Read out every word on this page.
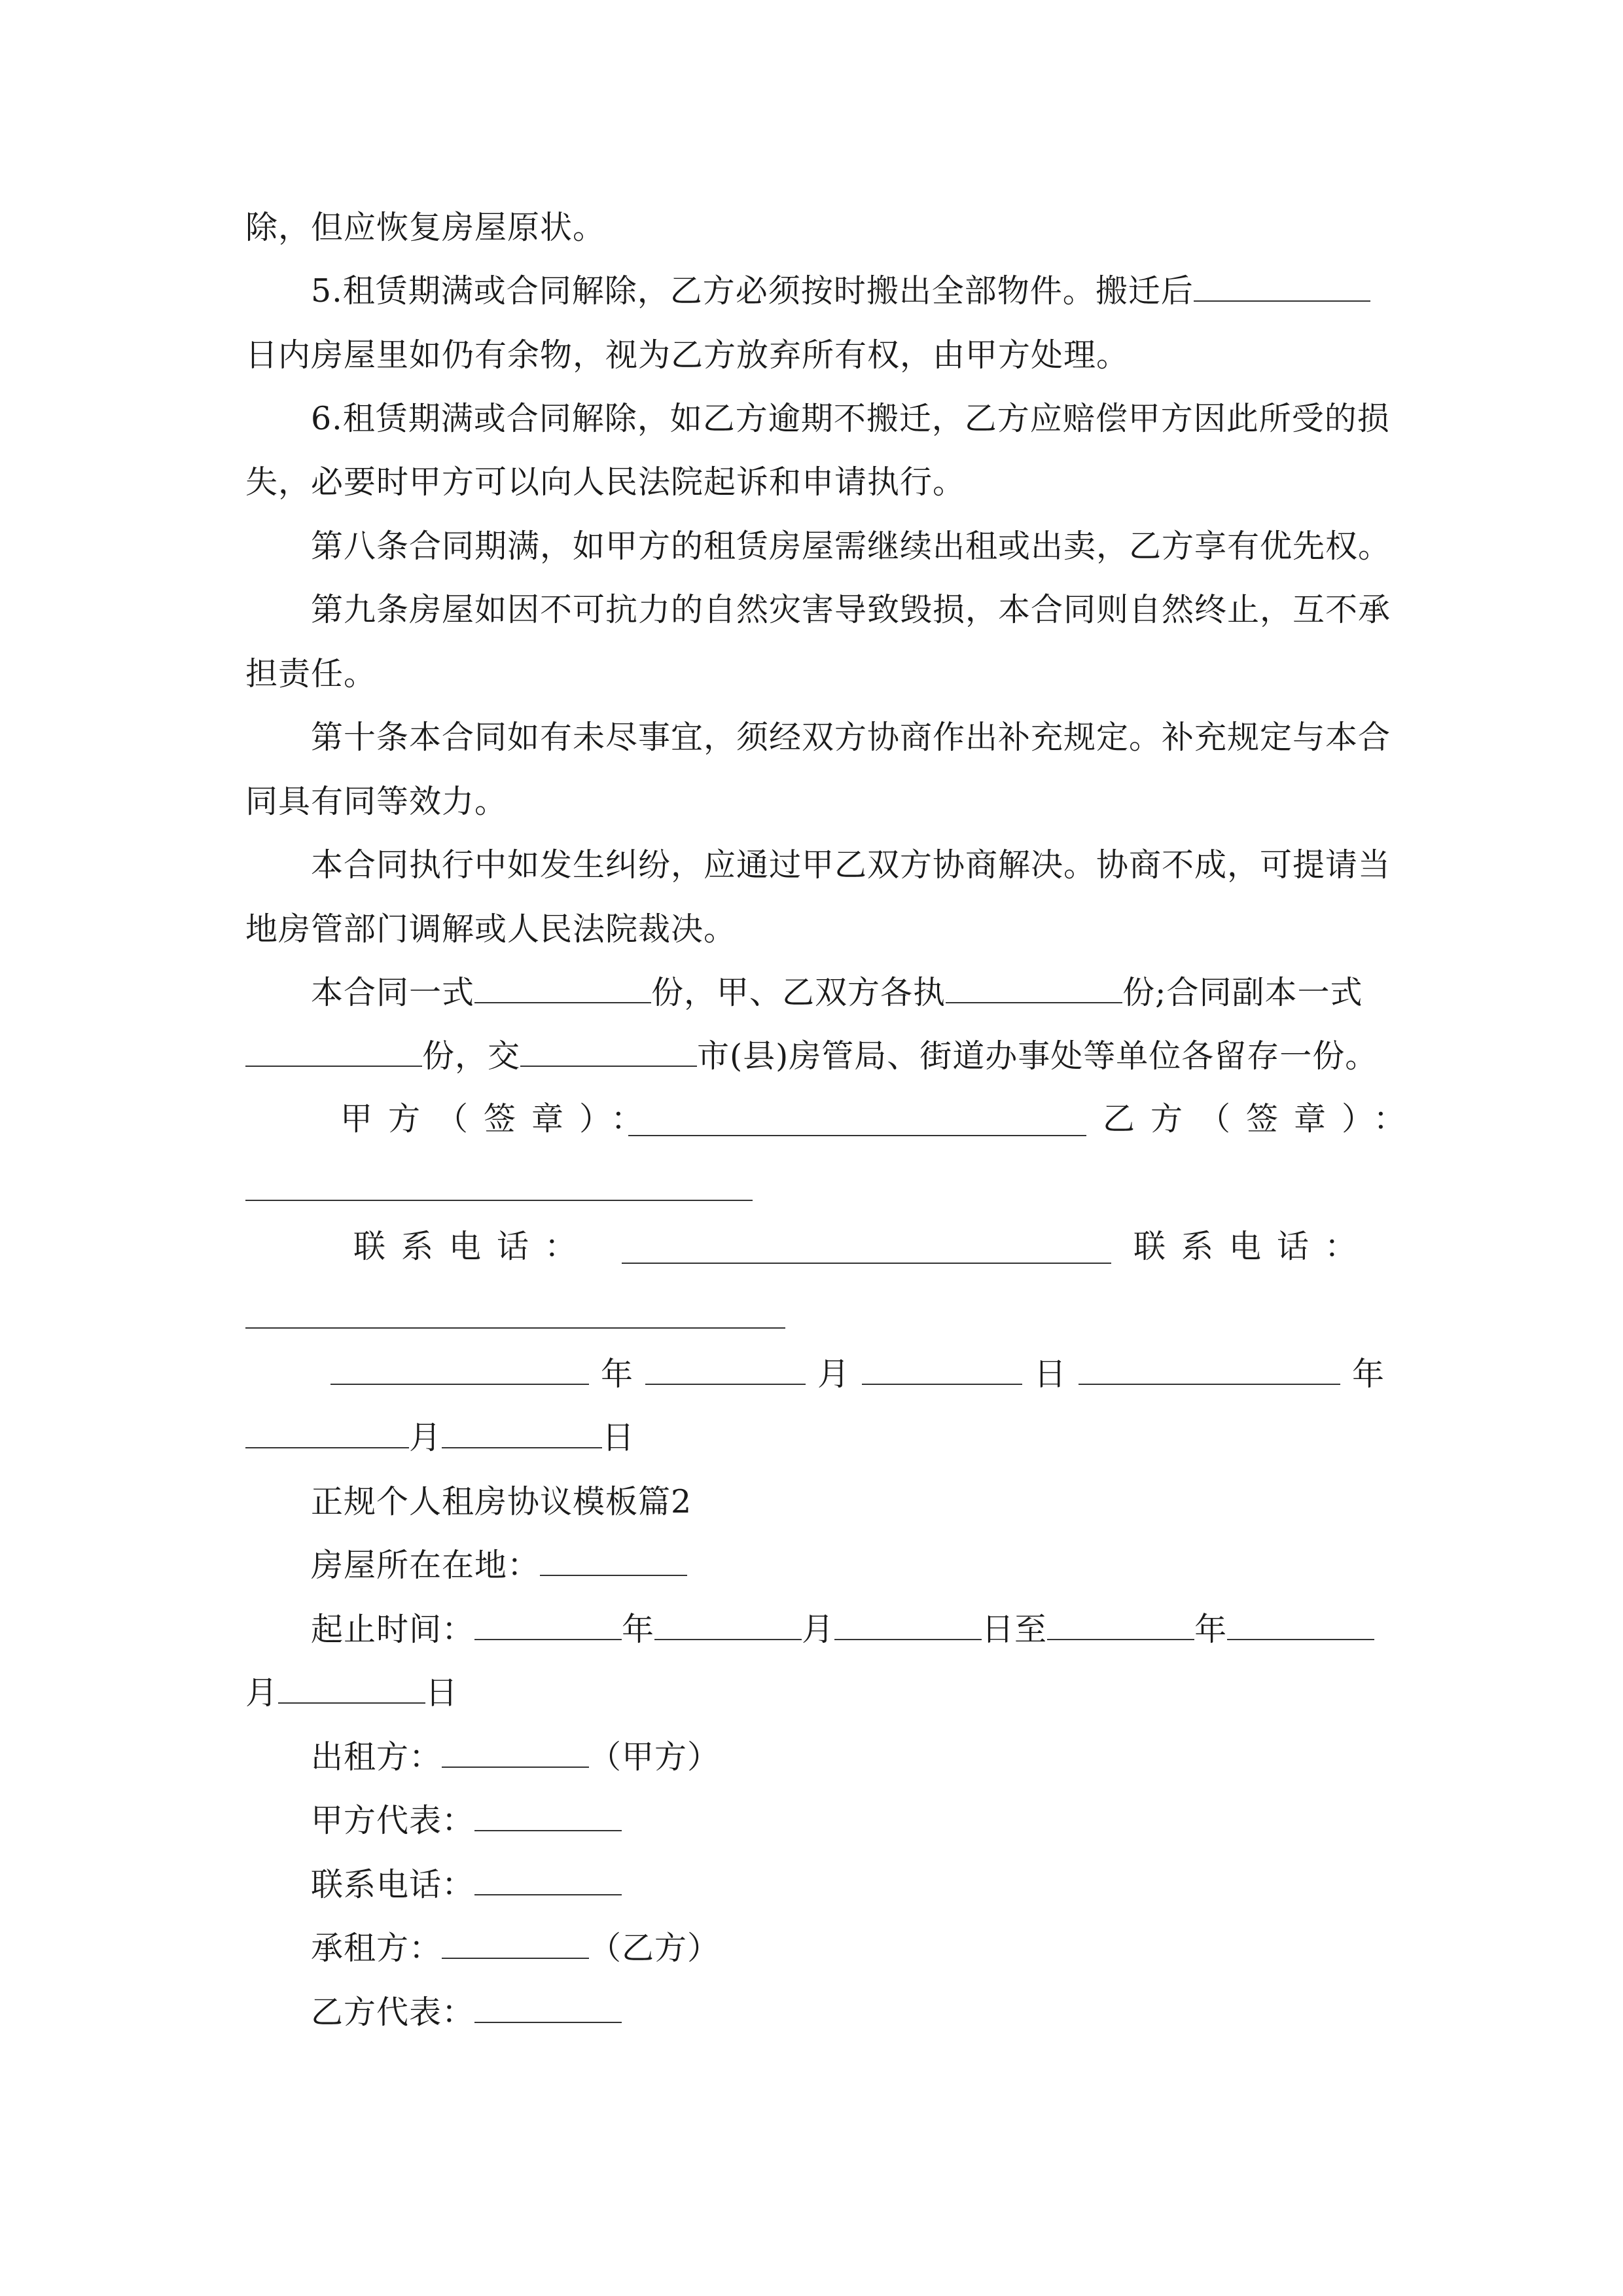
除，但应恢复房屋原状。
5.租赁期满或合同解除，乙方必须按时搬出全部物件。搬迁后
日内房屋里如仍有余物，视为乙方放弃所有权，由甲方处理。
6.租赁期满或合同解除，如乙方逾期不搬迁，乙方应赔偿甲方因此所受的损
失，必要时甲方可以向人民法院起诉和申请执行。
第八条合同期满，如甲方的租赁房屋需继续出租或出卖，乙方享有优先权。
第九条房屋如因不可抗力的自然灾害导致毁损，本合同则自然终止，互不承
担责任。
第十条本合同如有未尽事宜，须经双方协商作出补充规定。补充规定与本合
同具有同等效力。
本合同执行中如发生纠纷，应通过甲乙双方协商解决。协商不成，可提请当
地房管部门调解或人民法院裁决。
本合同一式	份，甲、乙双方各执	份;合同副本一式
份，交	市(县)房管局、街道办事处等单位各留存一份。
甲方（签章）：	乙方（签章）：
联系电话：	联系电话：
年	月	日	年
月	日
正规个人租房协议模板篇2
房屋所在在地：
起止时间：	年	月	日至	年
月	日
出租方：	（甲方）
甲方代表：
联系电话：
承租方：	（乙方）
乙方代表：
